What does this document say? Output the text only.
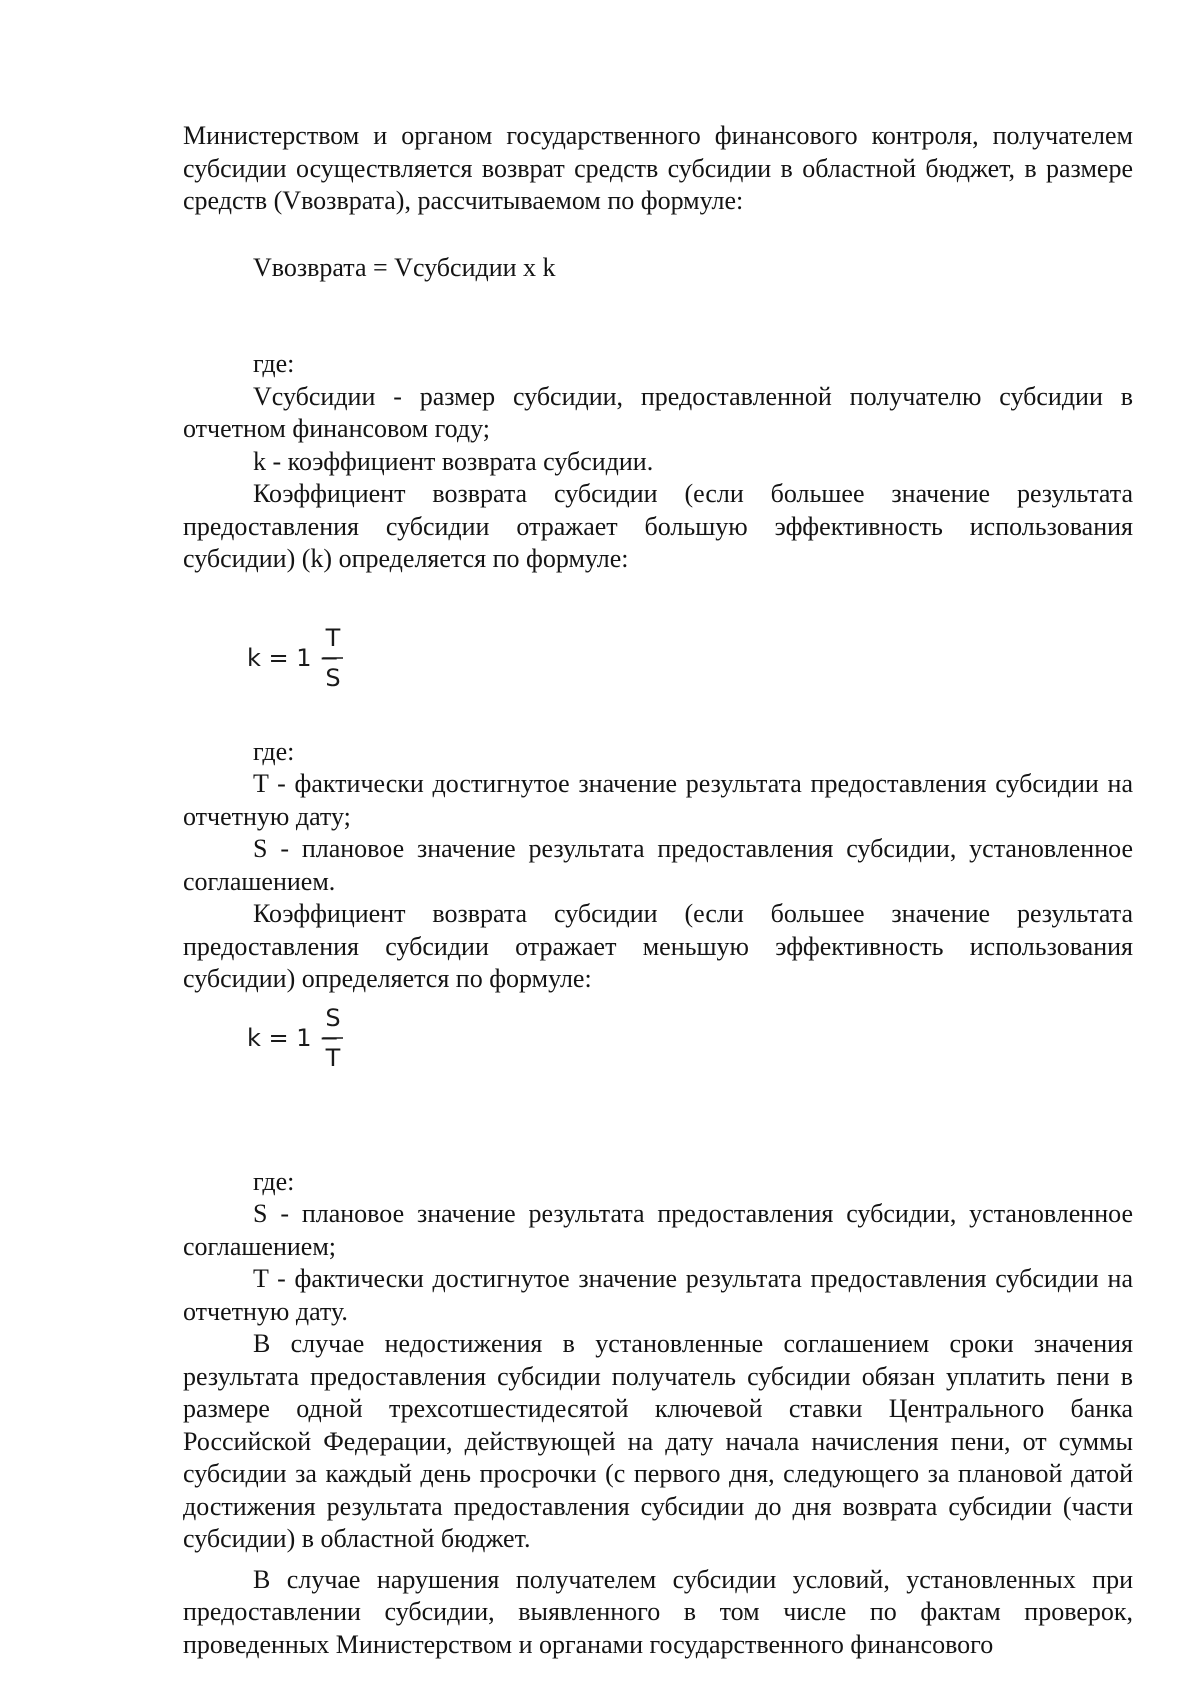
Министерством и органом государственного финансового контроля, получателем субсидии осуществляется возврат средств субсидии в областной бюджет, в размере средств (Vвозврата), рассчитываемом по формуле:

Vвозврата = Vсубсидии x k
где:

Vсубсидии - размер субсидии, предоставленной получателю субсидии в отчетном финансовом году;

k - коэффициент возврата субсидии.

Коэффициент возврата субсидии (если большее значение результата предоставления субсидии отражает большую эффективность использования субсидии) (k) определяется по формуле:

k = 1 −
T
S
где:

T - фактически достигнутое значение результата предоставления субсидии на отчетную дату;

S - плановое значение результата предоставления субсидии, установленное соглашением.

Коэффициент возврата субсидии (если большее значение результата предоставления субсидии отражает меньшую эффективность использования субсидии) определяется по формуле:

k = 1 −
S
T
где:

S - плановое значение результата предоставления субсидии, установленное соглашением;

T - фактически достигнутое значение результата предоставления субсидии на отчетную дату.

В случае недостижения в установленные соглашением сроки значения результата предоставления субсидии получатель субсидии обязан уплатить пени в размере одной трехсотшестидесятой ключевой ставки Центрального банка Российской Федерации, действующей на дату начала начисления пени, от суммы субсидии за каждый день просрочки (с первого дня, следующего за плановой датой достижения результата предоставления субсидии до дня возврата субсидии (части субсидии) в областной бюджет.

В случае нарушения получателем субсидии условий, установленных при предоставлении субсидии, выявленного в том числе по фактам проверок, проведенных Министерством и органами государственного финансового
